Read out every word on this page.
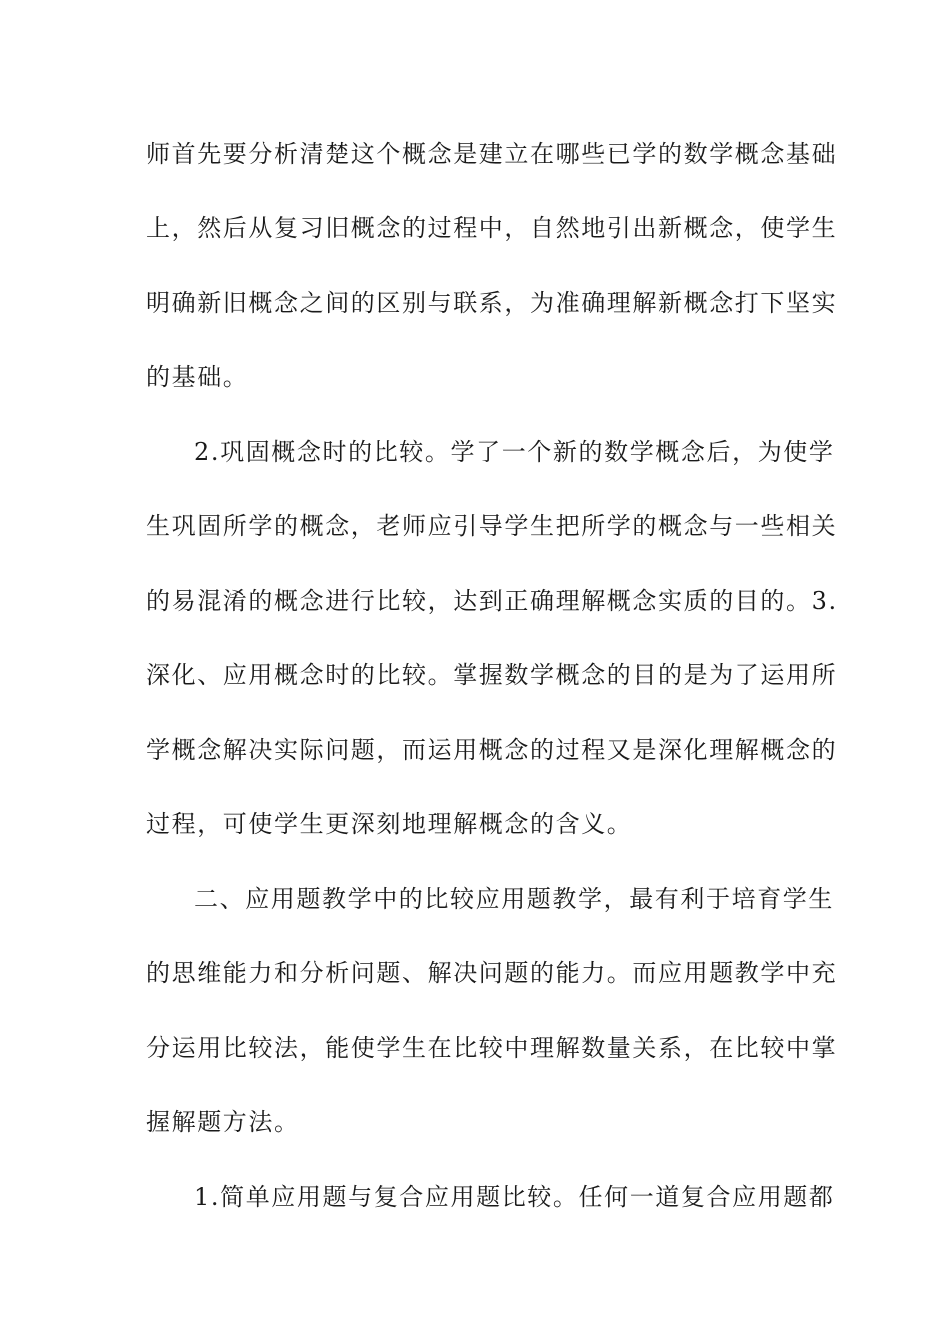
师首先要分析清楚这个概念是建立在哪些已学的数学概念基础
上，然后从复习旧概念的过程中，自然地引出新概念，使学生
明确新旧概念之间的区别与联系，为准确理解新概念打下坚实
的基础。
2.巩固概念时的比较。学了一个新的数学概念后，为使学
生巩固所学的概念，老师应引导学生把所学的概念与一些相关
的易混淆的概念进行比较，达到正确理解概念实质的目的。3.
深化、应用概念时的比较。掌握数学概念的目的是为了运用所
学概念解决实际问题，而运用概念的过程又是深化理解概念的
过程，可使学生更深刻地理解概念的含义。
二、应用题教学中的比较应用题教学，最有利于培育学生
的思维能力和分析问题、解决问题的能力。而应用题教学中充
分运用比较法，能使学生在比较中理解数量关系，在比较中掌
握解题方法。
1.简单应用题与复合应用题比较。任何一道复合应用题都
